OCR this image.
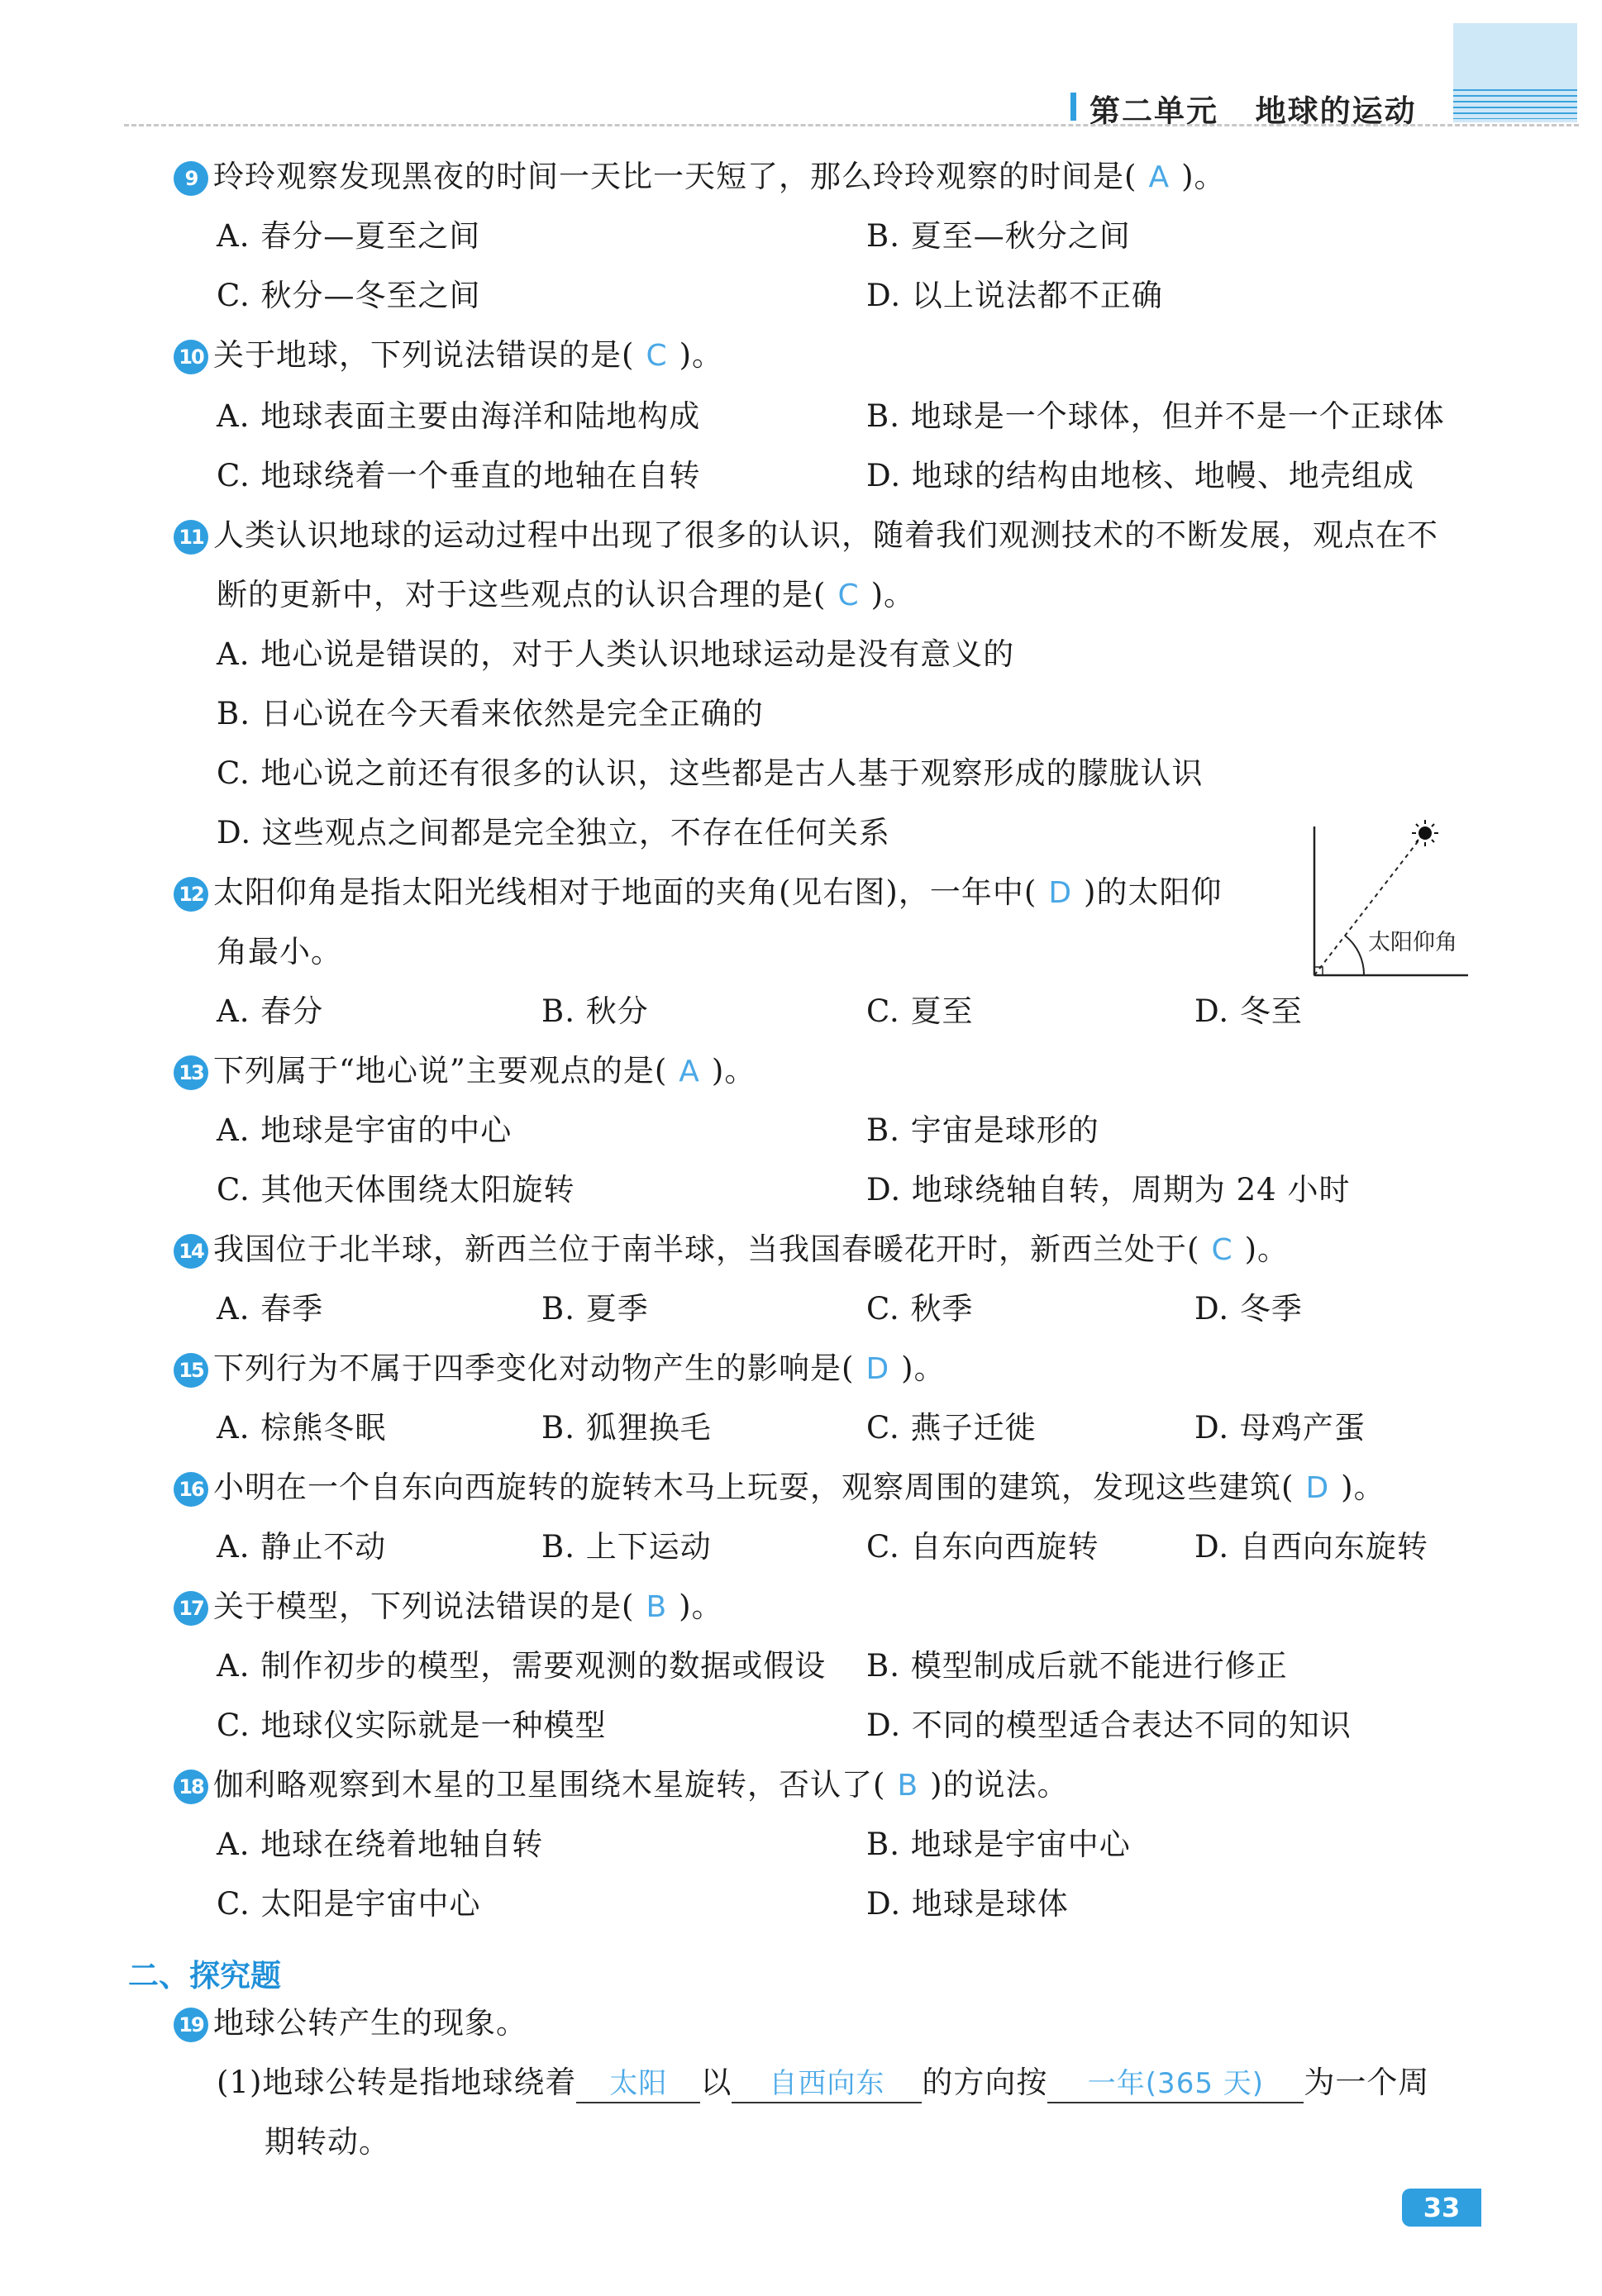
第二单元   地球的运动
9 玲玲观察发现黑夜的时间一天比一天短了，那么玲玲观察的时间是( A )。
A. 春分—夏至之间	B. 夏至—秋分之间
C. 秋分—冬至之间	D. 以上说法都不正确
10 关于地球，下列说法错误的是( C )。
A. 地球表面主要由海洋和陆地构成	B. 地球是一个球体，但并不是一个正球体
C. 地球绕着一个垂直的地轴在自转	D. 地球的结构由地核、地幔、地壳组成
11 人类认识地球的运动过程中出现了很多的认识，随着我们观测技术的不断发展，观点在不
断的更新中，对于这些观点的认识合理的是( C )。
A. 地心说是错误的，对于人类认识地球运动是没有意义的
B. 日心说在今天看来依然是完全正确的
C. 地心说之前还有很多的认识，这些都是古人基于观察形成的朦胧认识
D. 这些观点之间都是完全独立，不存在任何关系
12 太阳仰角是指太阳光线相对于地面的夹角(见右图)，一年中( D )的太阳仰
角最小。
A. 春分	B. 秋分	C. 夏至	D. 冬至
太阳仰角
13 下列属于“地心说”主要观点的是( A )。
A. 地球是宇宙的中心	B. 宇宙是球形的
C. 其他天体围绕太阳旋转	D. 地球绕轴自转，周期为 24 小时
14 我国位于北半球，新西兰位于南半球，当我国春暖花开时，新西兰处于( C )。
A. 春季	B. 夏季	C. 秋季	D. 冬季
15 下列行为不属于四季变化对动物产生的影响是( D )。
A. 棕熊冬眠	B. 狐狸换毛	C. 燕子迁徙	D. 母鸡产蛋
16 小明在一个自东向西旋转的旋转木马上玩耍，观察周围的建筑，发现这些建筑( D )。
A. 静止不动	B. 上下运动	C. 自东向西旋转	D. 自西向东旋转
17 关于模型，下列说法错误的是( B )。
A. 制作初步的模型，需要观测的数据或假设 B. 模型制成后就不能进行修正
C. 地球仪实际就是一种模型	D. 不同的模型适合表达不同的知识
18 伽利略观察到木星的卫星围绕木星旋转，否认了( B )的说法。
A. 地球在绕着地轴自转	B. 地球是宇宙中心
C. 太阳是宇宙中心	D. 地球是球体
二、探究题
19 地球公转产生的现象。
(1)地球公转是指地球绕着 太阳 以 自西向东 的方向按 一年(365 天) 为一个周
期转动。
33
